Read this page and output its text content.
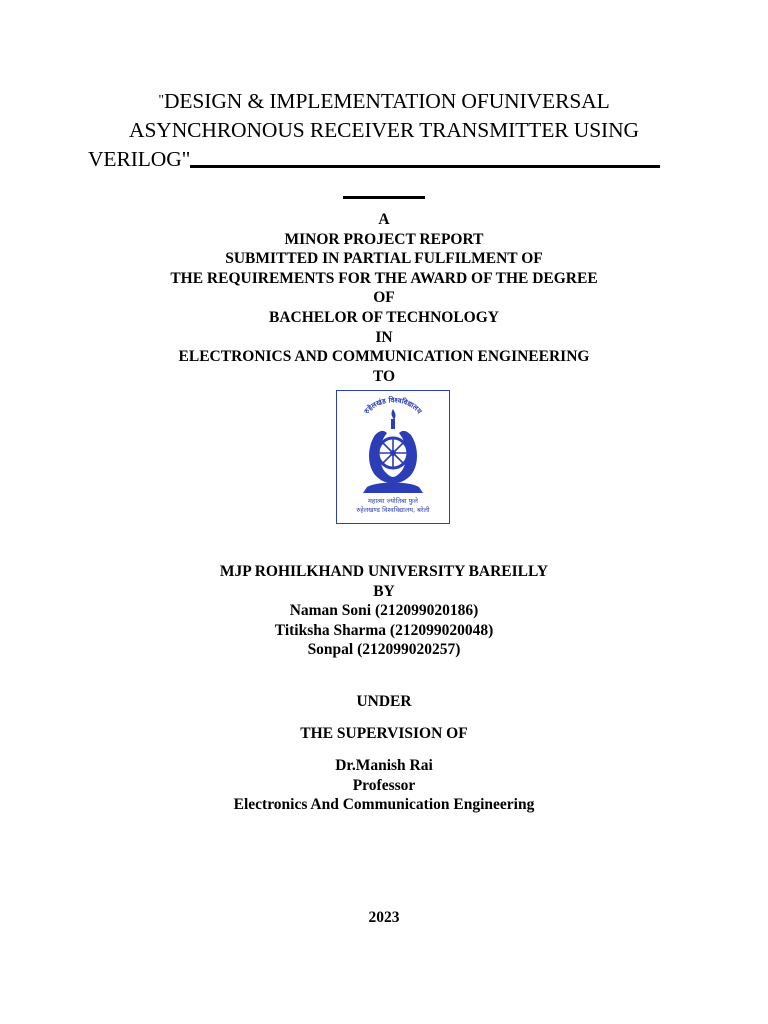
"DESIGN & IMPLEMENTATION OFUNIVERSAL
ASYNCHRONOUS RECEIVER TRANSMITTER USING
VERILOG"
A
MINOR PROJECT REPORT
SUBMITTED IN PARTIAL FULFILMENT OF
THE REQUIREMENTS FOR THE AWARD OF THE DEGREE
OF
BACHELOR OF TECHNOLOGY
IN
ELECTRONICS AND COMMUNICATION ENGINEERING
TO
रुहेलखंड विश्वविद्यालय
महात्मा ज्योतिबा फुले
रुहेलखण्ड विश्वविद्यालय, बरेली
MJP ROHILKHAND UNIVERSITY BAREILLY
BY
Naman Soni (212099020186)
Titiksha Sharma (212099020048)
Sonpal (212099020257)
UNDER
THE SUPERVISION OF
Dr.Manish Rai
Professor
Electronics And Communication Engineering
2023
